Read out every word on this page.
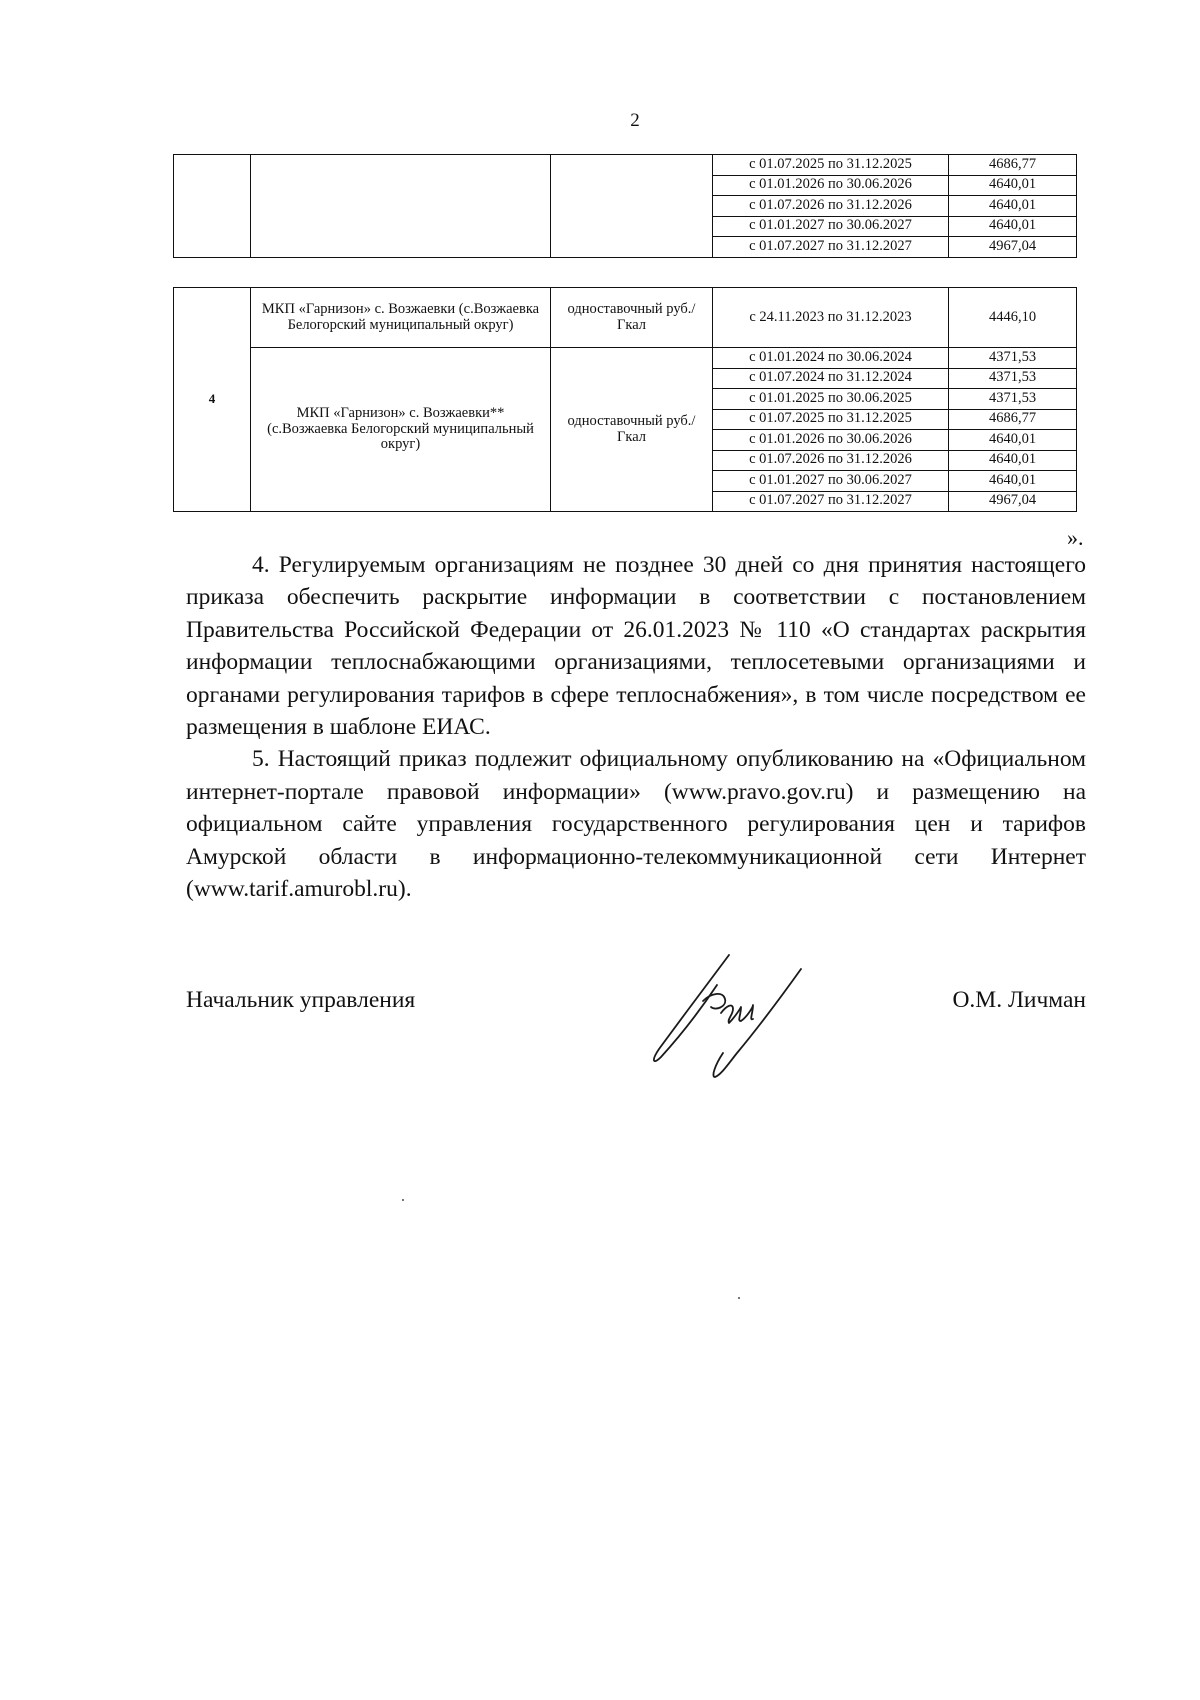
2
			с 01.07.2025 по 31.12.2025	4686,77
			с 01.01.2026 по 30.06.2026	4640,01
			с 01.07.2026 по 31.12.2026	4640,01
			с 01.01.2027 по 30.06.2027	4640,01
			с 01.07.2027 по 31.12.2027	4967,04
4	МКП «Гарнизон» с. Возжаевки (с.Возжаевка Белогорский муниципальный округ)	одноставочный руб./Гкал	с 24.11.2023 по 31.12.2023	4446,10
	МКП «Гарнизон» с. Возжаевки** (с.Возжаевка Белогорский муниципальный округ)	одноставочный руб./Гкал	с 01.01.2024 по 30.06.2024	4371,53
			с 01.07.2024 по 31.12.2024	4371,53
			с 01.01.2025 по 30.06.2025	4371,53
			с 01.07.2025 по 31.12.2025	4686,77
			с 01.01.2026 по 30.06.2026	4640,01
			с 01.07.2026 по 31.12.2026	4640,01
			с 01.01.2027 по 30.06.2027	4640,01
			с 01.07.2027 по 31.12.2027	4967,04
».

4. Регулируемым организациям не позднее 30 дней со дня принятия настоящего приказа обеспечить раскрытие информации в соответствии с постановлением Правительства Российской Федерации от 26.01.2023 № 110 «О стандартах раскрытия информации теплоснабжающими организациями, теплосетевыми организациями и органами регулирования тарифов в сфере теплоснабжения», в том числе посредством ее размещения в шаблоне ЕИАС.

5. Настоящий приказ подлежит официальному опубликованию на «Официальном интернет-портале правовой информации» (www.pravo.gov.ru) и размещению на официальном сайте управления государственного регулирования цен и тарифов Амурской области в информационно-телекоммуникационной сети Интернет (www.tarif.amurobl.ru).

Начальник управления	О.М. Личман
